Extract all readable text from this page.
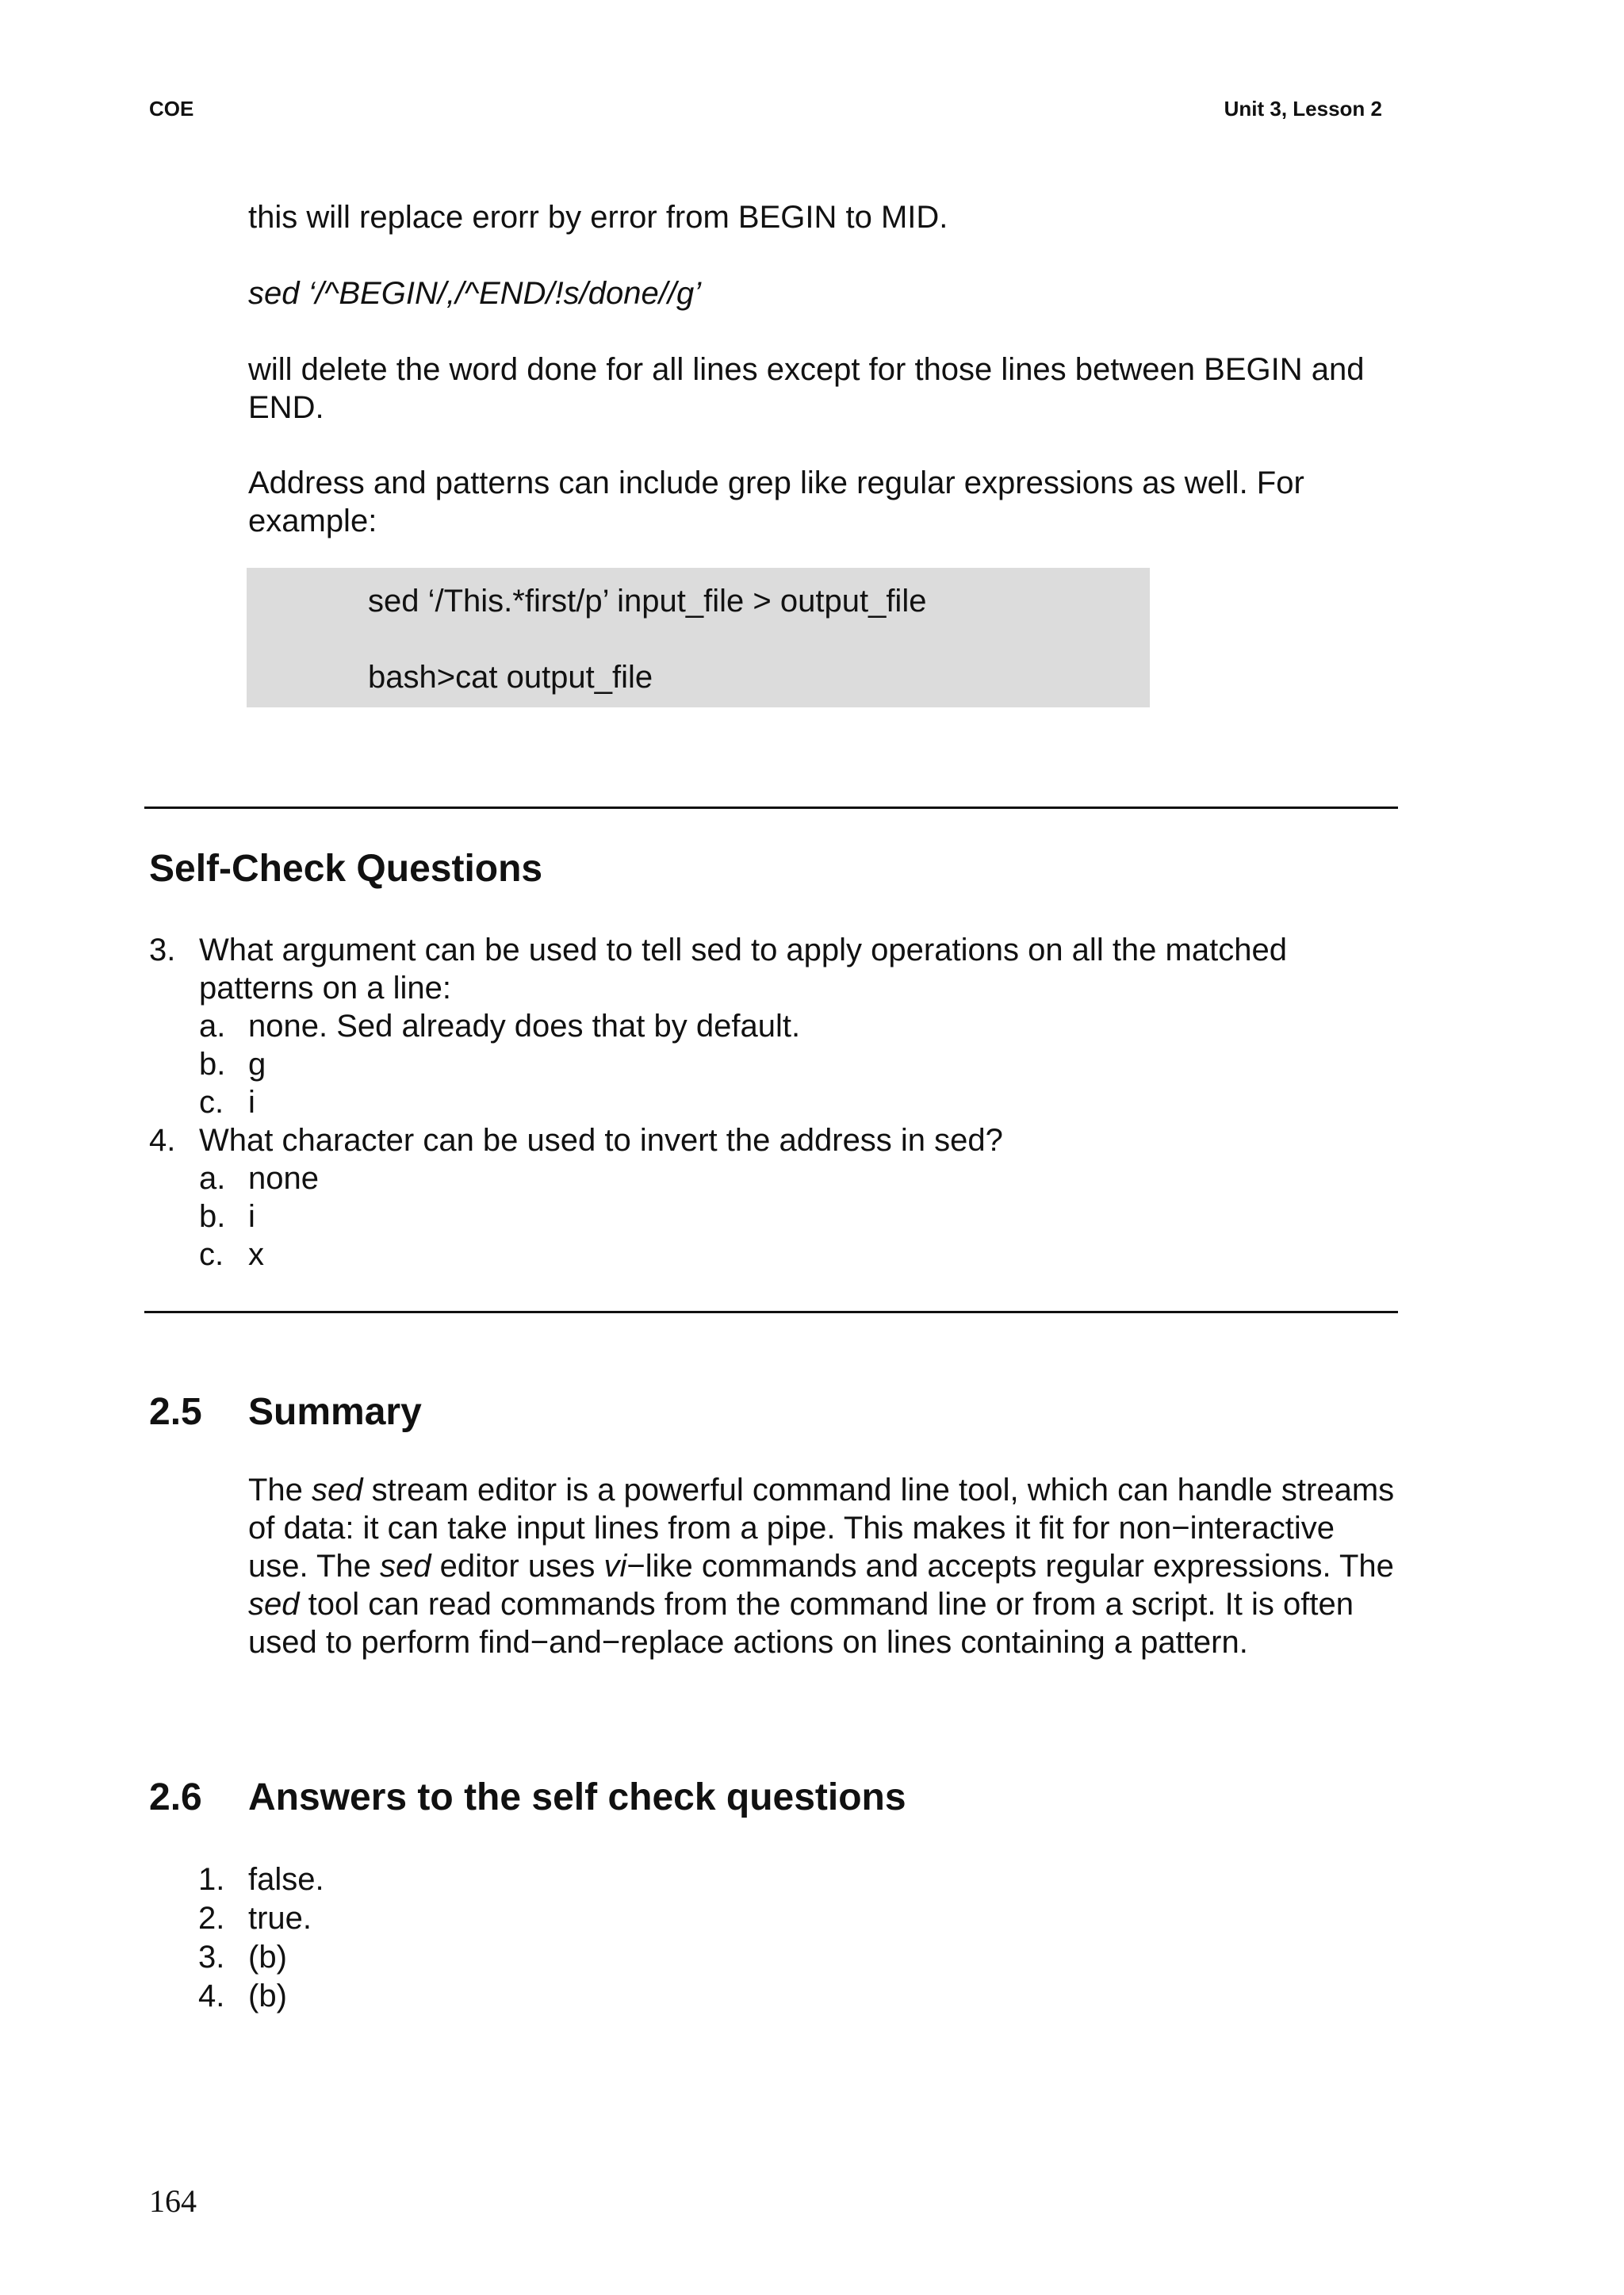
COE	Unit 3, Lesson 2
this will replace erorr by error from BEGIN to MID.
sed ‘/^BEGIN/,/^END/!s/done//g’
will delete the word done for all lines except for those lines between BEGIN and END.
Address and patterns can include grep like regular expressions as well. For example:
sed ‘/This.*first/p’ input_file > output_file
bash>cat output_file
Self-Check Questions
3. What argument can be used to tell sed to apply operations on all the matched patterns on a line:
a. none. Sed already does that by default.
b. g
c. i
4. What character can be used to invert the address in sed?
a. none
b. i
c. x
2.5 Summary
The sed stream editor is a powerful command line tool, which can handle streams of data: it can take input lines from a pipe. This makes it fit for non−interactive use. The sed editor uses vi−like commands and accepts regular expressions. The sed tool can read commands from the command line or from a script. It is often used to perform find−and−replace actions on lines containing a pattern.
2.6 Answers to the self check questions
1. false.
2. true.
3. (b)
4. (b)
164
